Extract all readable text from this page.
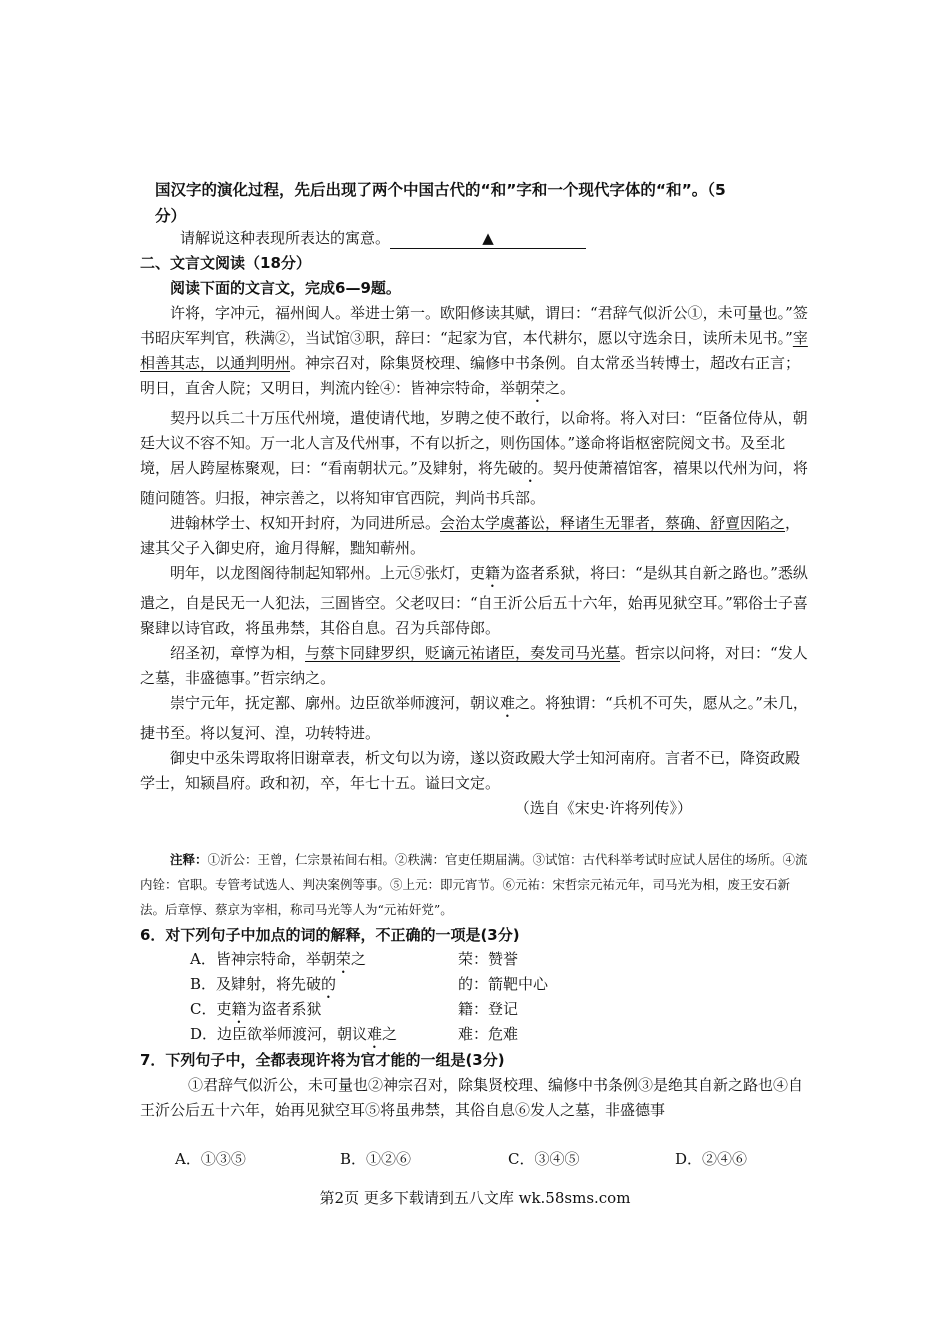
国汉字的演化过程，先后出现了两个中国古代的“和”字和一个现代字体的“和”。（5
分）
请解说这种表现所表达的寓意。	▲
二、文言文阅读（18分）
阅读下面的文言文，完成6—9题。

许将，字冲元，福州闽人。举进士第一。欧阳修读其赋，谓曰：“君辞气似沂公①，未可量也。”签书昭庆军判官，秩满②，当试馆③职，辞曰：“起家为官，本代耕尔，愿以守选余日，读所未见书。”宰相善其志，以通判明州。神宗召对，除集贤校理、编修中书条例。自太常丞当转博士，超改右正言；明日，直舍人院；又明日，判流内铨④：皆神宗特命，举朝荣之。

契丹以兵二十万压代州境，遣使请代地，岁聘之使不敢行，以命将。将入对曰：“臣备位侍从，朝廷大议不容不知。万一北人言及代州事，不有以折之，则伤国体。”遂命将诣枢密院阅文书。及至北境，居人跨屋栋聚观，曰：“看南朝状元。”及肄射，将先破的。契丹使萧禧馆客，禧果以代州为问，将随问随答。归报，神宗善之，以将知审官西院，判尚书兵部。

进翰林学士、权知开封府，为同进所忌。会治太学虞蕃讼，释诸生无罪者，蔡确、舒亶因陷之，逮其父子入御史府，逾月得解，黜知蕲州。

明年，以龙图阁待制起知郓州。上元⑤张灯，吏籍为盗者系狱，将曰：“是纵其自新之路也。”悉纵遣之，自是民无一人犯法，三圄皆空。父老叹曰：“自王沂公后五十六年，始再见狱空耳。”郓俗士子喜聚肆以诗官政，将虽弗禁，其俗自息。召为兵部侍郎。

绍圣初，章惇为相，与蔡卞同肆罗织，贬谪元祐诸臣，奏发司马光墓。哲宗以问将，对曰：“发人之墓，非盛德事。”哲宗纳之。

崇宁元年，抚定鄯、廓州。边臣欲举师渡河，朝议难之。将独谓：“兵机不可失，愿从之。”未几，捷书至。将以复河、湟，功转特进。

御史中丞朱谔取将旧谢章表，析文句以为谤，遂以资政殿大学士知河南府。言者不已，降资政殿学士，知颍昌府。政和初，卒，年七十五。谥曰文定。

（选自《宋史·许将列传》）

注释：①沂公：王曾，仁宗景祐间右相。②秩满：官吏任期届满。③试馆：古代科举考试时应试人居住的场所。④流内铨：官职。专管考试选人、判决案例等事。⑤上元：即元宵节。⑥元祐：宋哲宗元祐元年，司马光为相，废王安石新法。后章惇、蔡京为宰相，称司马光等人为“元祐奸党”。
6．对下列句子中加点的词的解释，不正确的一项是(3分)
A．皆神宗特命，举朝荣之	荣：赞誉
B．及肄射，将先破的	的：箭靶中心
C．吏籍为盗者系狱	籍：登记
D．边臣欲举师渡河，朝议难之	难：危难
7．下列句子中，全都表现许将为官才能的一组是(3分)

①君辞气似沂公，未可量也②神宗召对，除集贤校理、编修中书条例③是绝其自新之路也④自王沂公后五十六年，始再见狱空耳⑤将虽弗禁，其俗自息⑥发人之墓，非盛德事

A．①③⑤	B．①②⑥	C．③④⑤	D．②④⑥
第2页 更多下载请到五八文库 wk.58sms.com
